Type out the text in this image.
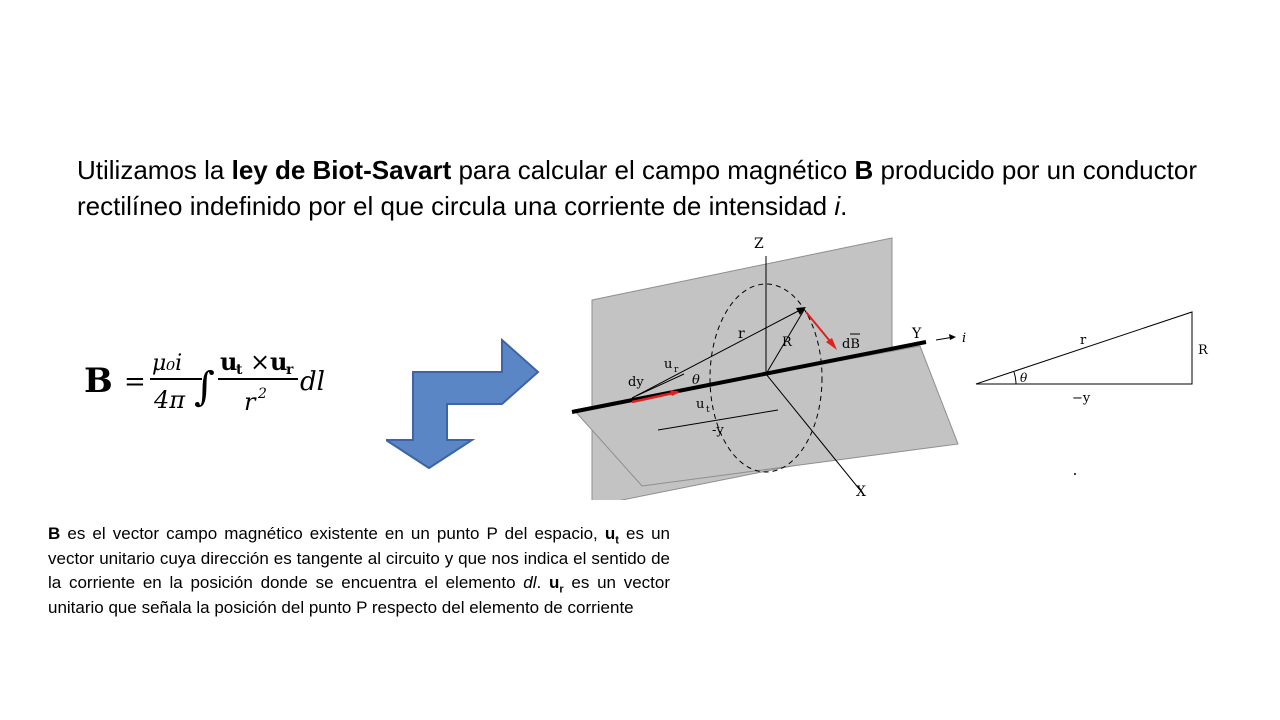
Utilizamos la ley de Biot-Savart para calcular el campo magnético B producido por un conductor rectilíneo indefinido por el que circula una corriente de intensidad i.
B =
μ₀i
4π ∫
u
t × u
r
r 2 dl
Z
X
Y	i
r
R	dB
dy
u r
θ
u t
-y
θ
r
R
−y
B es el vector campo magnético existente en un punto P del espacio, $u_t$ es un vector unitario cuya dirección es tangente al circuito y que nos indica el sentido de la corriente en la posición donde se encuentra el elemento dl. $u_r$ es un vector unitario que señala la posición del punto P respecto del elemento de corriente
